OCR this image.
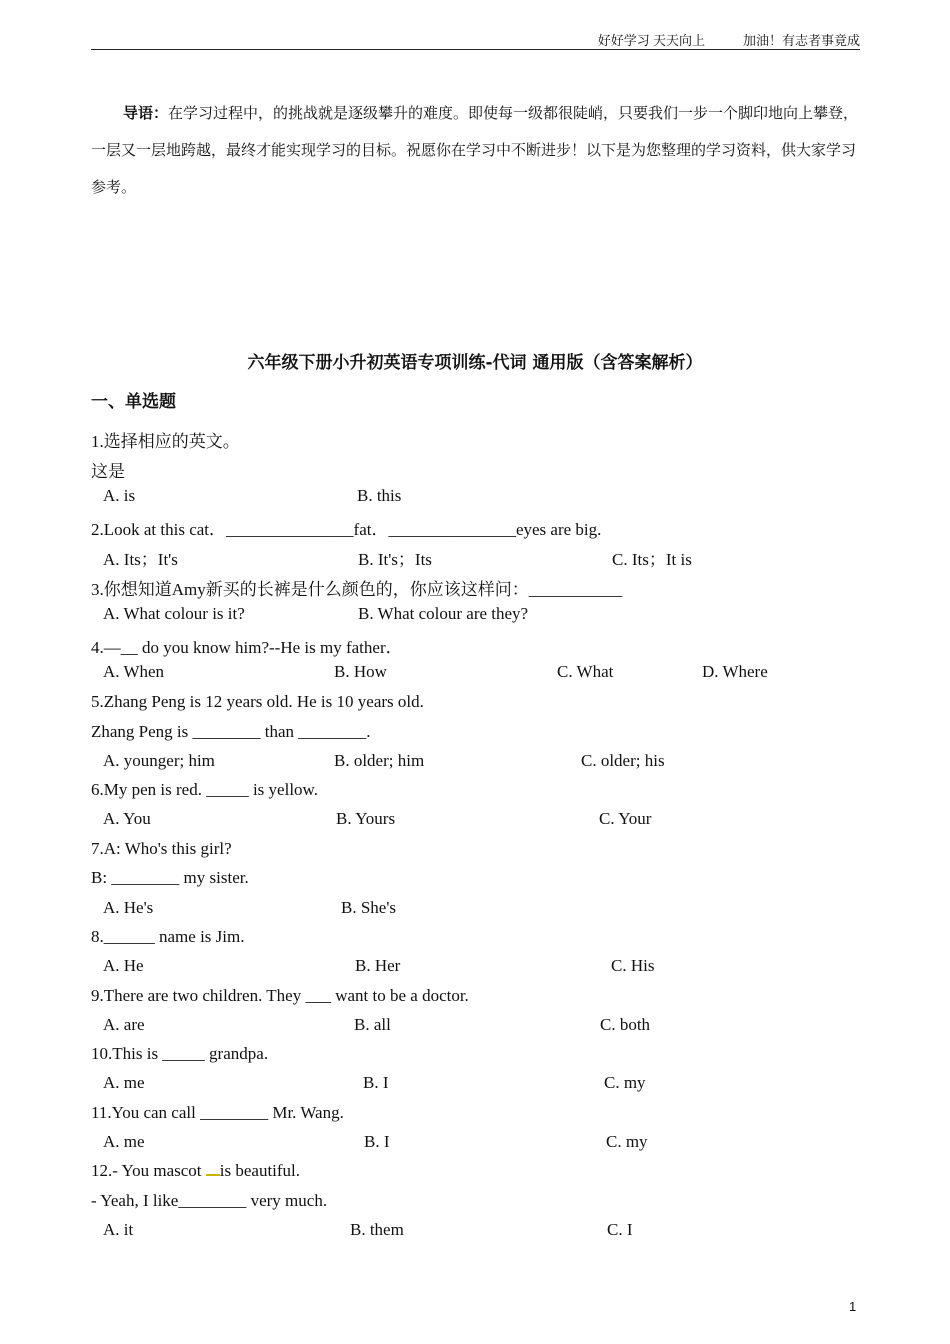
好好学习 天天向上	加油！有志者事竟成
导语：在学习过程中，的挑战就是逐级攀升的难度。即使每一级都很陡峭，只要我们一步一个脚印地向上攀登，一层又一层地跨越，最终才能实现学习的目标。祝愿你在学习中不断进步！以下是为您整理的学习资料，供大家学习参考。
六年级下册小升初英语专项训练-代词 通用版（含答案解析）
一、单选题
1.选择相应的英文。
这是
A. is	B. this
2.Look at this cat．_______________fat．_______________eyes are big.
A. Its；It's	B. It's；Its	C. Its；It is
3.你想知道Amy新买的长裤是什么颜色的，你应该这样问：___________
A. What colour is it?	B. What colour are they?
4.—__ do you know him?--He is my father．
A. When	B. How	C. What	D. Where
5.Zhang Peng is 12 years old. He is 10 years old.
Zhang Peng is ________ than ________.
A. younger; him	B. older; him	C. older; his
6.My pen is red. _____ is yellow.
A. You	B. Yours	C. Your
7.A: Who's this girl?
B: ________ my sister.
A. He's	B. She's
8.______ name is Jim.
A. He	B. Her	C. His
9.There are two children. They ___ want to be a doctor.
A. are	B. all	C. both
10.This is _____ grandpa.
A. me	B. I	C. my
11.You can call ________ Mr. Wang.
A. me	B. I	C. my
12.- You mascot is beautiful.
- Yeah, I like________ very much.
A. it	B. them	C. I
1
